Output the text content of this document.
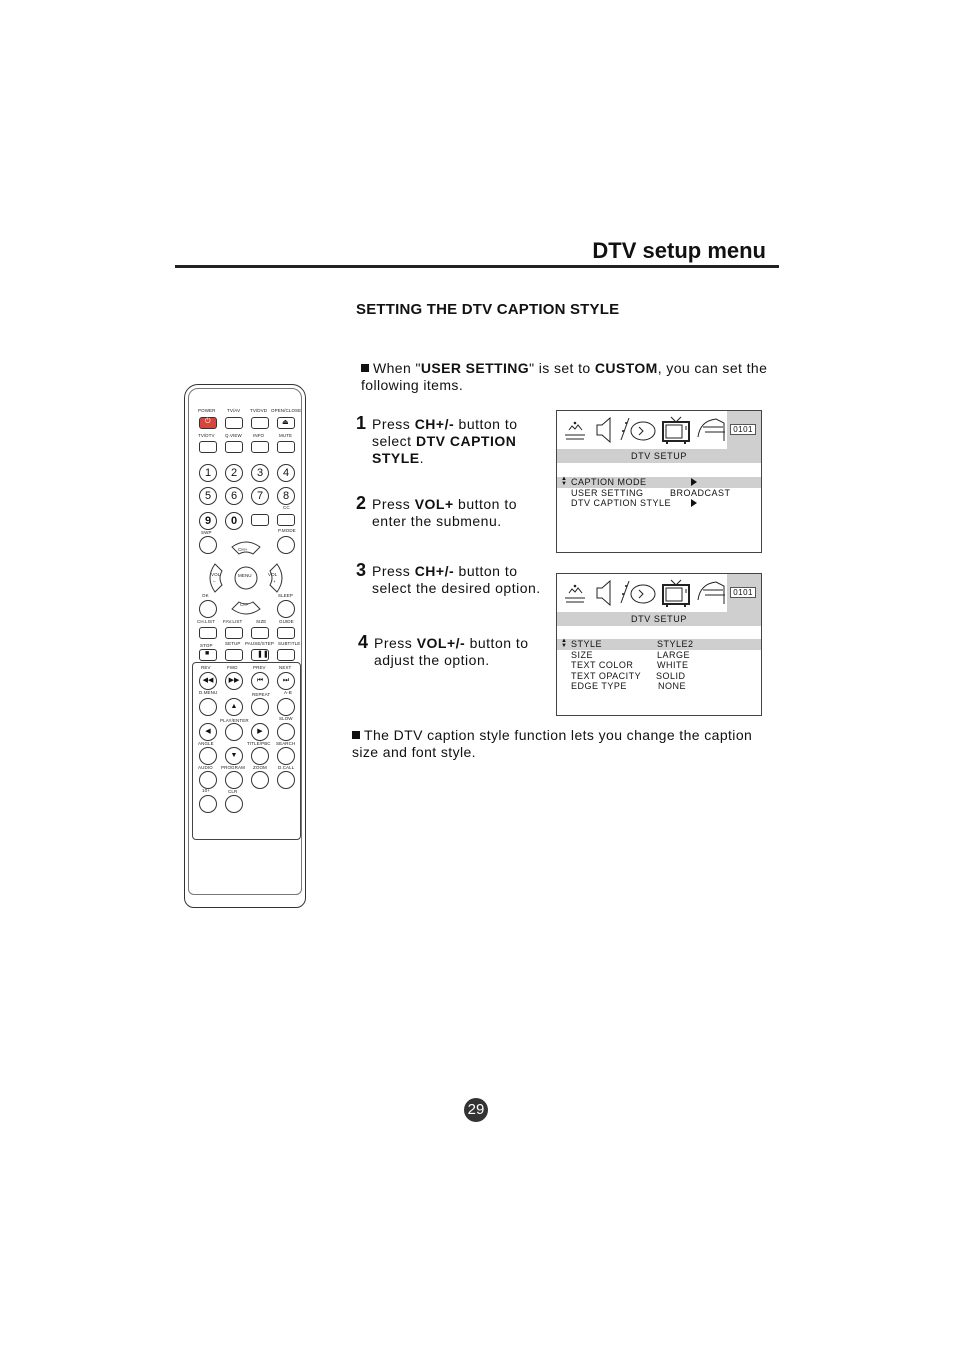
DTV setup menu
SETTING THE DTV CAPTION STYLE
When "USER SETTING" is set to CUSTOM, you can set the following items.
1 Press CH+/- button to select DTV CAPTION STYLE.
2 Press VOL+ button to enter the submenu.
3 Press CH+/- button to select the desired option.
4 Press VOL+/- button to adjust the option.
0101
DTV SETUP
▲
▼ CAPTION MODE
USER SETTING	BROADCAST
DTV CAPTION STYLE
0101
DTV SETUP
▲
▼ STYLE	STYLE2
SIZE	LARGE
TEXT COLOR	WHITE
TEXT OPACITY SOLID
EDGE TYPE	NONE
The DTV caption style function lets you change the caption size and font style.
POWER	TV/AV TV/DVD OPEN/CLOSE
⏻	⏏
TV/DTV Q.VIEW INFO	MUTE
1	2	3	4
5	6	7	8
9	0
CC
SWP	P.MODE
CH+
CH-
VOL	VOL
–	+
MENU
OK	SLEEP
CH.LIST FAV.LIST	SIZE	GUIDE
STOP	SETUP PAUSE/STEP SUBTITLE
■	❚❚
REV	FWD	PREV	NEXT
◀◀	▶▶	⏮	⏭
D.MENU	REPEAT	A-B
▲
SLOW
PLAY/ENTER
◀	▶
ANGLE	TITLE/PBC SEARCH
▼
AUDIO PROGRAM ZOOM D.CALL
10+	CLR
29
